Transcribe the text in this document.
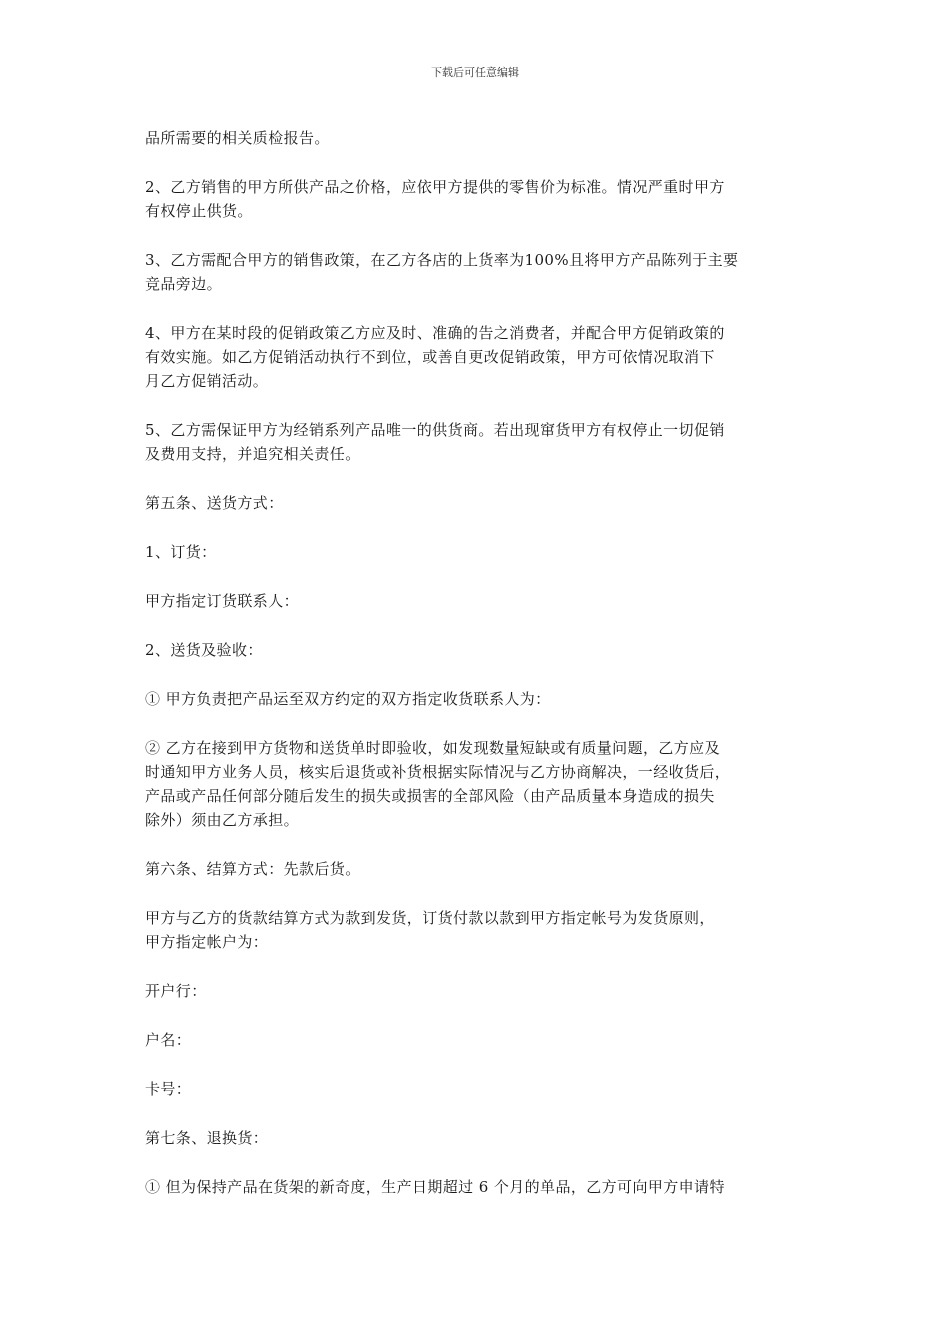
下载后可任意编辑

品所需要的相关质检报告。

2、乙方销售的甲方所供产品之价格，应依甲方提供的零售价为标准。情况严重时甲方
有权停止供货。

3、乙方需配合甲方的销售政策，在乙方各店的上货率为100%且将甲方产品陈列于主要
竞品旁边。

4、甲方在某时段的促销政策乙方应及时、准确的告之消费者，并配合甲方促销政策的
有效实施。如乙方促销活动执行不到位，或善自更改促销政策，甲方可依情况取消下
月乙方促销活动。

5、乙方需保证甲方为经销系列产品唯一的供货商。若出现窜货甲方有权停止一切促销
及费用支持，并追究相关责任。

第五条、送货方式：

1、订货：

甲方指定订货联系人：

2、送货及验收：

① 甲方负责把产品运至双方约定的双方指定收货联系人为：

② 乙方在接到甲方货物和送货单时即验收，如发现数量短缺或有质量问题，乙方应及
时通知甲方业务人员，核实后退货或补货根据实际情况与乙方协商解决，一经收货后，
产品或产品任何部分随后发生的损失或损害的全部风险（由产品质量本身造成的损失
除外）须由乙方承担。

第六条、结算方式：先款后货。

甲方与乙方的货款结算方式为款到发货，订货付款以款到甲方指定帐号为发货原则，
甲方指定帐户为：

开户行：

户名：

卡号：

第七条、退换货：

① 但为保持产品在货架的新奇度，生产日期超过 6 个月的单品，乙方可向甲方申请特
